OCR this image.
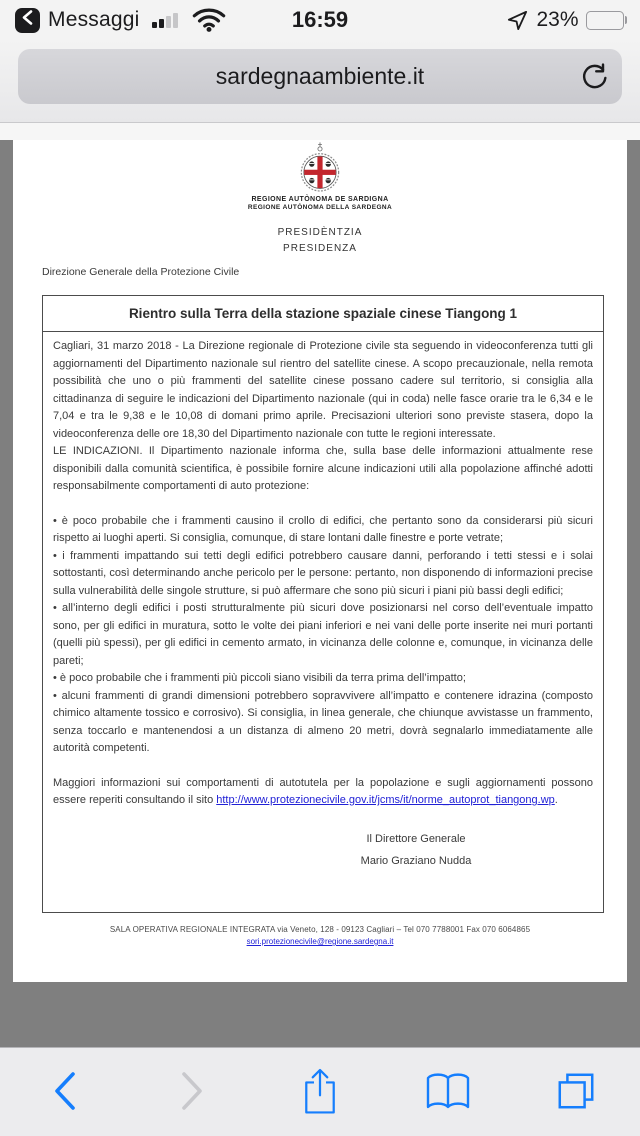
Messaggi	16:59	23%
sardegnaambiente.it
REGIONE AUTÒNOMA DE SARDIGNA
REGIONE AUTÒNOMA DELLA SARDEGNA
PRESIDÈNTZIA
PRESIDENZA
Direzione Generale della Protezione Civile
Rientro sulla Terra della stazione spaziale cinese Tiangong 1

Cagliari, 31 marzo 2018 - La Direzione regionale di Protezione civile sta seguendo in videoconferenza tutti gli aggiornamenti del Dipartimento nazionale sul rientro del satellite cinese. A scopo precauzionale, nella remota possibilità che uno o più frammenti del satellite cinese possano cadere sul territorio, si consiglia alla cittadinanza di seguire le indicazioni del Dipartimento nazionale (qui in coda) nelle fasce orarie tra le 6,34 e le 7,04 e tra le 9,38 e le 10,08 di domani primo aprile. Precisazioni ulteriori sono previste stasera, dopo la videoconferenza delle ore 18,30 del Dipartimento nazionale con tutte le regioni interessate.

LE INDICAZIONI. Il Dipartimento nazionale informa che, sulla base delle informazioni attualmente rese disponibili dalla comunità scientifica, è possibile fornire alcune indicazioni utili alla popolazione affinché adotti responsabilmente comportamenti di auto protezione:

• è poco probabile che i frammenti causino il crollo di edifici, che pertanto sono da considerarsi più sicuri rispetto ai luoghi aperti. Si consiglia, comunque, di stare lontani dalle finestre e porte vetrate;

• i frammenti impattando sui tetti degli edifici potrebbero causare danni, perforando i tetti stessi e i solai sottostanti, così determinando anche pericolo per le persone: pertanto, non disponendo di informazioni precise sulla vulnerabilità delle singole strutture, si può affermare che sono più sicuri i piani più bassi degli edifici;

• all’interno degli edifici i posti strutturalmente più sicuri dove posizionarsi nel corso dell’eventuale impatto sono, per gli edifici in muratura, sotto le volte dei piani inferiori e nei vani delle porte inserite nei muri portanti (quelli più spessi), per gli edifici in cemento armato, in vicinanza delle colonne e, comunque, in vicinanza delle pareti;

• è poco probabile che i frammenti più piccoli siano visibili da terra prima dell’impatto;

• alcuni frammenti di grandi dimensioni potrebbero sopravvivere all’impatto e contenere idrazina (composto chimico altamente tossico e corrosivo). Si consiglia, in linea generale, che chiunque avvistasse un frammento, senza toccarlo e mantenendosi a un distanza di almeno 20 metri, dovrà segnalarlo immediatamente alle autorità competenti.

Maggiori informazioni sui comportamenti di autotutela per la popolazione e sugli aggiornamenti possono essere reperiti consultando il sito http://www.protezionecivile.gov.it/jcms/it/norme_autoprot_tiangong.wp.

Il Direttore Generale
Mario Graziano Nudda
SALA OPERATIVA REGIONALE INTEGRATA via Veneto, 128 - 09123 Cagliari – Tel 070 7788001 Fax 070 6064865
sori.protezionecivile@regione.sardegna.it
